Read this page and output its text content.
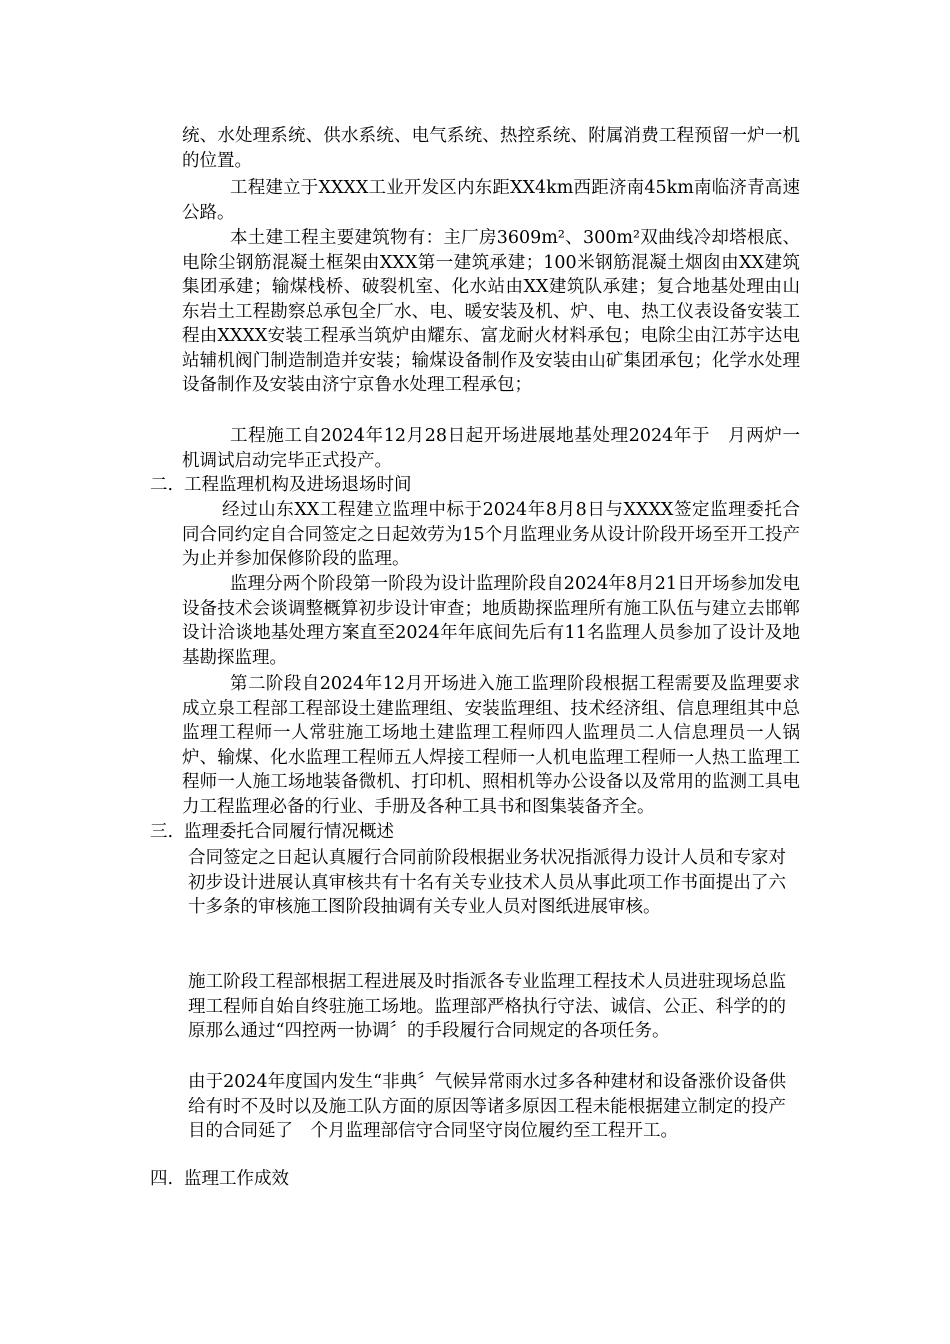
统、水处理系统、供水系统、电气系统、热控系统、附属消费工程预留一炉一机的位置。

工程建立于XXXX工业开发区内东距XX4km西距济南45km南临济青高速公路。

本土建工程主要建筑物有：主厂房3609m²、300m²双曲线冷却塔根底、电除尘钢筋混凝土框架由XXX第一建筑承建；100米钢筋混凝土烟囱由XX建筑集团承建；输煤栈桥、破裂机室、化水站由XX建筑队承建；复合地基处理由山东岩土工程勘察总承包全厂水、电、暖安装及机、炉、电、热工仪表设备安装工程由XXXX安装工程承当筑炉由耀东、富龙耐火材料承包；电除尘由江苏宇达电站辅机阀门制造制造并安装；输煤设备制作及安装由山矿集团承包；化学水处理设备制作及安装由济宁京鲁水处理工程承包；

工程施工自2024年12月28日起开场进展地基处理2024年于　月两炉一机调试启动完毕正式投产。

二. 工程监理机构及进场退场时间

经过山东XX工程建立监理中标于2024年8月8日与XXXX签定监理委托合同合同约定自合同签定之日起效劳为15个月监理业务从设计阶段开场至开工投产为止并参加保修阶段的监理。

监理分两个阶段第一阶段为设计监理阶段自2024年8月21日开场参加发电设备技术会谈调整概算初步设计审查；地质勘探监理所有施工队伍与建立去邯郸设计洽谈地基处理方案直至2024年年底间先后有11名监理人员参加了设计及地基勘探监理。

第二阶段自2024年12月开场进入施工监理阶段根据工程需要及监理要求成立泉工程部工程部设土建监理组、安装监理组、技术经济组、信息理组其中总监理工程师一人常驻施工场地土建监理工程师四人监理员二人信息理员一人锅炉、输煤、化水监理工程师五人焊接工程师一人机电监理工程师一人热工监理工程师一人施工场地装备微机、打印机、照相机等办公设备以及常用的监测工具电力工程监理必备的行业、手册及各种工具书和图集装备齐全。

三. 监理委托合同履行情况概述

合同签定之日起认真履行合同前阶段根据业务状况指派得力设计人员和专家对初步设计进展认真审核共有十名有关专业技术人员从事此项工作书面提出了六十多条的审核施工图阶段抽调有关专业人员对图纸进展审核。

施工阶段工程部根据工程进展及时指派各专业监理工程技术人员进驻现场总监理工程师自始自终驻施工场地。监理部严格执行守法、诚信、公正、科学的的原那么通过“四控两一协调〞的手段履行合同规定的各项任务。

由于2024年度国内发生“非典〞气候异常雨水过多各种建材和设备涨价设备供给有时不及时以及施工队方面的原因等诸多原因工程未能根据建立制定的投产目的合同延了　个月监理部信守合同坚守岗位履约至工程开工。

四. 监理工作成效
